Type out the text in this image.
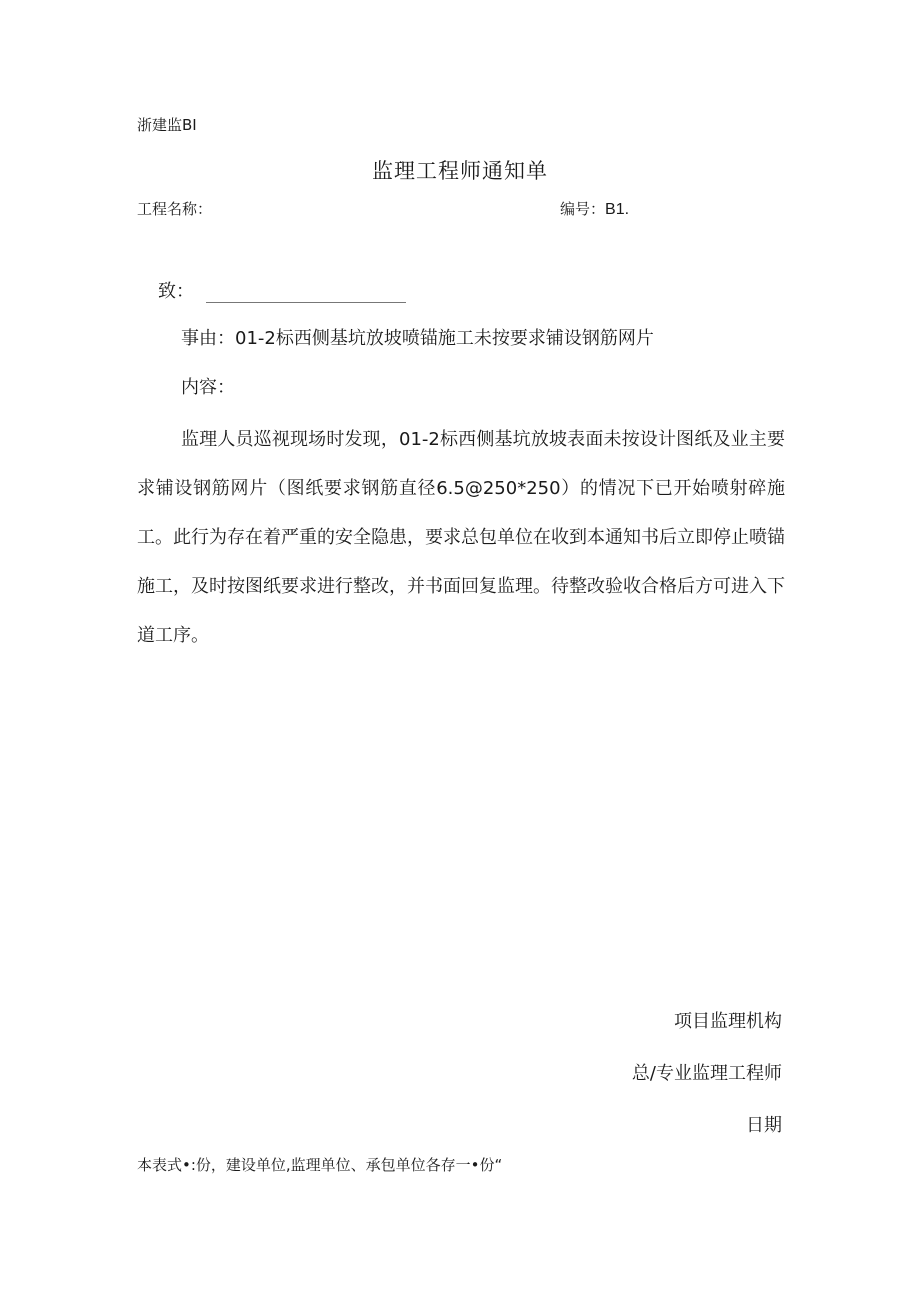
浙建监BI
监理工程师通知单
工程名称：	编号：B1.
致：
事由：01-2标西侧基坑放坡喷锚施工未按要求铺设钢筋网片
内容：

监理人员巡视现场时发现，01-2标西侧基坑放坡表面未按设计图纸及业主要求铺设钢筋网片（图纸要求钢筋直径6.5@250*250）的情况下已开始喷射碎施工。此行为存在着严重的安全隐患，要求总包单位在收到本通知书后立即停止喷锚施工，及时按图纸要求进行整改，并书面回复监理。待整改验收合格后方可进入下道工序。

项目监理机构
总/专业监理工程师
日期
本表式•:份，建设单位,监理单位、承包单位各存一•份“
